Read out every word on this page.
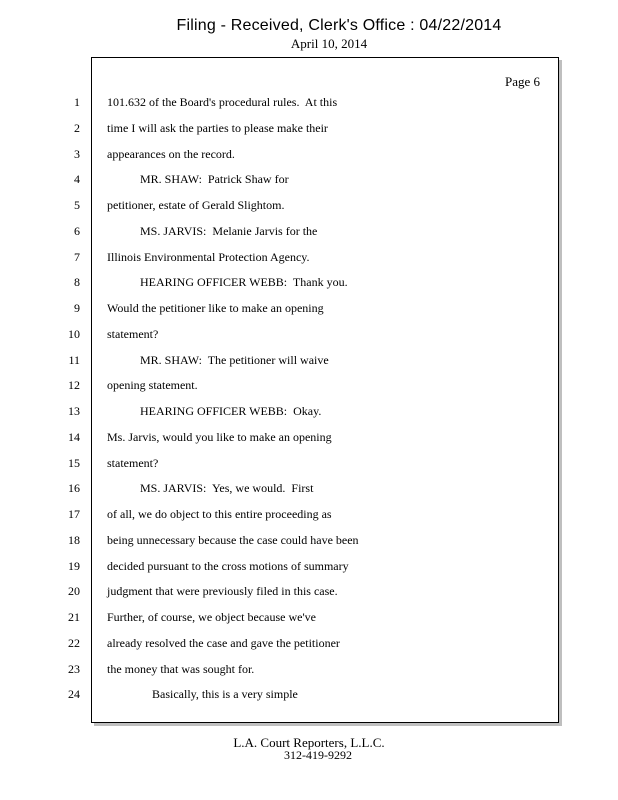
Filing - Received, Clerk's Office : 04/22/2014
April 10, 2014
Page 6
1 101.632 of the Board's procedural rules.  At this
2 time I will ask the parties to please make their
3 appearances on the record.
4 MR. SHAW:  Patrick Shaw for
5 petitioner, estate of Gerald Slightom.
6 MS. JARVIS:  Melanie Jarvis for the
7 Illinois Environmental Protection Agency.
8 HEARING OFFICER WEBB:  Thank you.
9 Would the petitioner like to make an opening
10 statement?
11 MR. SHAW:  The petitioner will waive
12 opening statement.
13 HEARING OFFICER WEBB:  Okay.
14 Ms. Jarvis, would you like to make an opening
15 statement?
16 MS. JARVIS:  Yes, we would.  First
17 of all, we do object to this entire proceeding as
18 being unnecessary because the case could have been
19 decided pursuant to the cross motions of summary
20 judgment that were previously filed in this case.
21 Further, of course, we object because we've
22 already resolved the case and gave the petitioner
23 the money that was sought for.
24 Basically, this is a very simple
L.A. Court Reporters, L.L.C.
312-419-9292
